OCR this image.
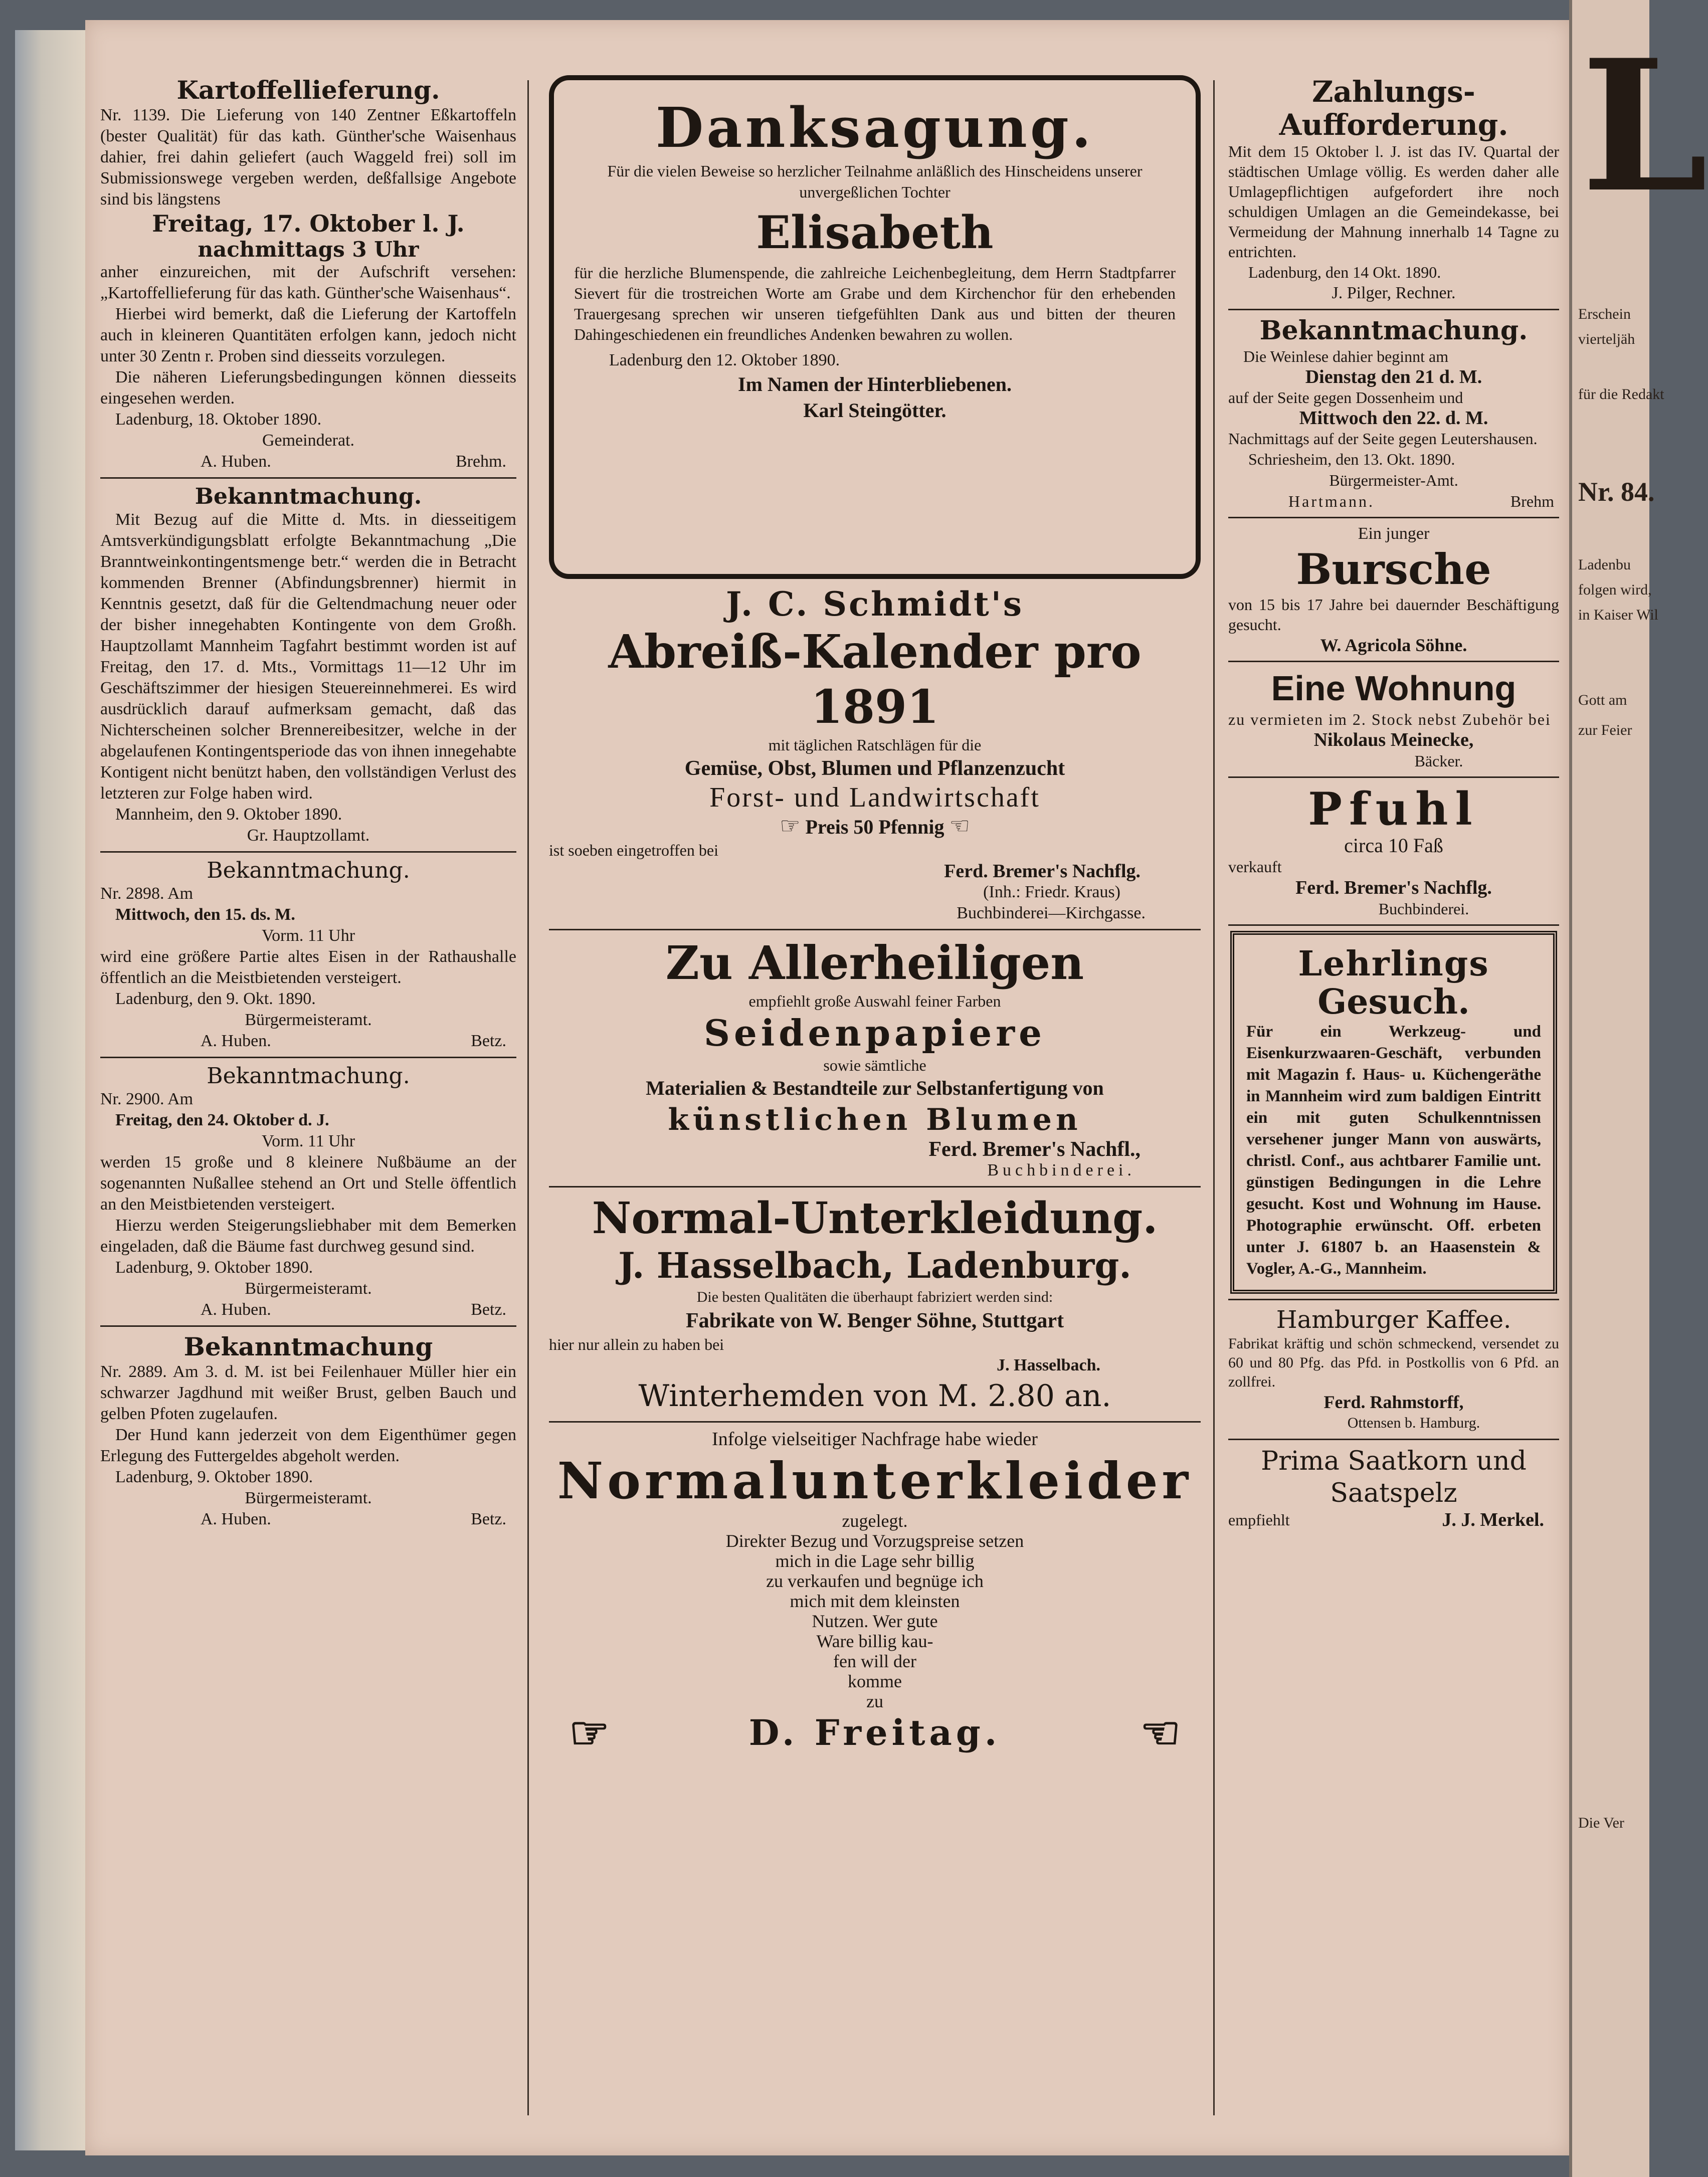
Kartoffellieferung.
Nr. 1139. Die Lieferung von 140 Zentner Eßkartoffeln (bester Qualität) für das kath. Günther'sche Waisenhaus dahier, frei dahin geliefert (auch Waggeld frei) soll im Submissionswege vergeben werden, deßfallsige Angebote sind bis längstens
Freitag, 17. Oktober l. J.
nachmittags 3 Uhr
anher einzureichen, mit der Aufschrift versehen: „Kartoffellieferung für das kath. Günther'sche Waisenhaus“.
Hierbei wird bemerkt, daß die Lieferung der Kartoffeln auch in kleineren Quantitäten erfolgen kann, jedoch nicht unter 30 Zentn r. Proben sind diesseits vorzulegen.
Die näheren Lieferungsbedingungen können diesseits eingesehen werden.
Ladenburg, 18. Oktober 1890.
Gemeinderat.
A. Huben.	Brehm.
Bekanntmachung.
Mit Bezug auf die Mitte d. Mts. in diesseitigem Amtsverkündigungsblatt erfolgte Bekanntmachung „Die Branntweinkontingentsmenge betr.“ werden die in Betracht kommenden Brenner (Abfindungsbrenner) hiermit in Kenntnis gesetzt, daß für die Geltendmachung neuer oder der bisher innegehabten Kontingente von dem Großh. Hauptzollamt Mannheim Tagfahrt bestimmt worden ist auf Freitag, den 17. d. Mts., Vormittags 11—12 Uhr im Geschäftszimmer der hiesigen Steuereinnehmerei. Es wird ausdrücklich darauf aufmerksam gemacht, daß das Nichterscheinen solcher Brennereibesitzer, welche in der abgelaufenen Kontingentsperiode das von ihnen innegehabte Kontigent nicht benützt haben, den vollständigen Verlust des letzteren zur Folge haben wird.
Mannheim, den 9. Oktober 1890.
Gr. Hauptzollamt.
Bekanntmachung.
Nr. 2898. Am
Mittwoch, den 15. ds. M.
Vorm. 11 Uhr
wird eine größere Partie altes Eisen in der Rathaushalle öffentlich an die Meistbietenden versteigert.
Ladenburg, den 9. Okt. 1890.
Bürgermeisteramt.
A. Huben.	Betz.
Bekanntmachung.
Nr. 2900. Am
Freitag, den 24. Oktober d. J.
Vorm. 11 Uhr
werden 15 große und 8 kleinere Nußbäume an der sogenannten Nußallee stehend an Ort und Stelle öffentlich an den Meistbietenden versteigert.
Hierzu werden Steigerungsliebhaber mit dem Bemerken eingeladen, daß die Bäume fast durchweg gesund sind.
Ladenburg, 9. Oktober 1890.
Bürgermeisteramt.
A. Huben.	Betz.
Bekanntmachung
Nr. 2889. Am 3. d. M. ist bei Feilenhauer Müller hier ein schwarzer Jagdhund mit weißer Brust, gelben Bauch und gelben Pfoten zugelaufen.
Der Hund kann jederzeit von dem Eigenthümer gegen Erlegung des Futtergeldes abgeholt werden.
Ladenburg, 9. Oktober 1890.
Bürgermeisteramt.
A. Huben.	Betz.
Danksagung.
Für die vielen Beweise so herzlicher Teilnahme anläßlich des Hinscheidens unserer unvergeßlichen Tochter
Elisabeth
für die herzliche Blumenspende, die zahlreiche Leichenbegleitung, dem Herrn Stadtpfarrer Sievert für die trostreichen Worte am Grabe und dem Kirchenchor für den erhebenden Trauergesang sprechen wir unseren tiefgefühlten Dank aus und bitten der theuren Dahingeschiedenen ein freundliches Andenken bewahren zu wollen.
Ladenburg den 12. Oktober 1890.
Im Namen der Hinterbliebenen.
Karl Steingötter.
J. C. Schmidt's
Abreiß-Kalender pro 1891
mit täglichen Ratschlägen für die
Gemüse, Obst, Blumen und Pflanzenzucht
Forst- und Landwirtschaft
☞ Preis 50 Pfennig ☜
ist soeben eingetroffen bei
Ferd. Bremer's Nachflg.
(Inh.: Friedr. Kraus)
Buchbinderei—Kirchgasse.
Zu Allerheiligen
empfiehlt große Auswahl feiner Farben
Seidenpapiere
sowie sämtliche
Materialien & Bestandteile zur Selbstanfertigung von
künstlichen Blumen
Ferd. Bremer's Nachfl.,
Buchbinderei.
Normal-Unterkleidung.
J. Hasselbach, Ladenburg.
Die besten Qualitäten die überhaupt fabriziert werden sind:
Fabrikate von W. Benger Söhne, Stuttgart
hier nur allein zu haben bei
J. Hasselbach.
Winterhemden von M. 2.80 an.
Infolge vielseitiger Nachfrage habe wieder
Normalunterkleider
zugelegt.
Direkter Bezug und Vorzugspreise setzen
mich in die Lage sehr billig
zu verkaufen und begnüge ich
mich mit dem kleinsten
Nutzen. Wer gute
Ware billig kau-
fen will der
komme
zu
☞	D. Freitag.	☜
Zahlungs-
Aufforderung.
Mit dem 15 Oktober l. J. ist das IV. Quartal der städtischen Umlage völlig. Es werden daher alle Umlagepflichtigen aufgefordert ihre noch schuldigen Umlagen an die Gemeindekasse, bei Vermeidung der Mahnung innerhalb 14 Tagne zu entrichten.
Ladenburg, den 14 Okt. 1890.
J. Pilger, Rechner.
Bekanntmachung.
Die Weinlese dahier beginnt am
Dienstag den 21 d. M.
auf der Seite gegen Dossenheim und
Mittwoch den 22. d. M.
Nachmittags auf der Seite gegen Leutershausen.
Schriesheim, den 13. Okt. 1890.
Bürgermeister-Amt.
Hartmann.	Brehm
Ein junger
Bursche
von 15 bis 17 Jahre bei dauernder Beschäftigung gesucht.
W. Agricola Söhne.
Eine Wohnung
zu vermieten im 2. Stock nebst Zubehör bei
Nikolaus Meinecke,
Bäcker.
Pfuhl
circa 10 Faß
verkauft
Ferd. Bremer's Nachflg.
Buchbinderei.
Lehrlings
Gesuch.
Für ein Werkzeug- und Eisenkurzwaaren-Geschäft, verbunden mit Magazin f. Haus- u. Küchengeräthe in Mannheim wird zum baldigen Eintritt ein mit guten Schulkenntnissen versehener junger Mann von auswärts, christl. Conf., aus achtbarer Familie unt. günstigen Bedingungen in die Lehre gesucht. Kost und Wohnung im Hause. Photographie erwünscht. Off. erbeten unter J. 61807 b. an Haasenstein & Vogler, A.-G., Mannheim.
Hamburger Kaffee.
Fabrikat kräftig und schön schmeckend, versendet zu 60 und 80 Pfg. das Pfd. in Postkollis von 6 Pfd. an zollfrei.
Ferd. Rahmstorff,
Ottensen b. Hamburg.
Prima Saatkorn und
Saatspelz
empfiehlt	J. J. Merkel.
L
Erschein
vierteljäh
für die Redakt
Nr. 84.
Ladenbu
folgen wird,
in Kaiser Wil
Gott am
zur Feier
Die Ver
